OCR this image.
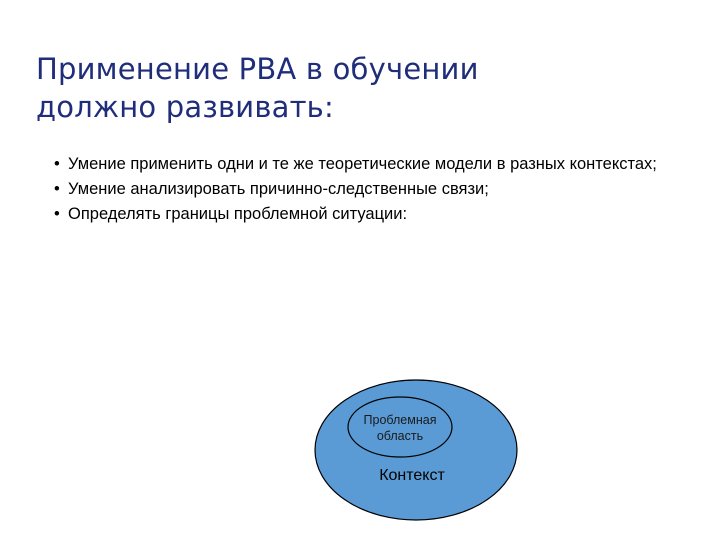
Применение PBA в обучении
должно развивать:
• Умение применить одни и те же теоретические модели в разных контекстах;
• Умение анализировать причинно-следственные связи;
• Определять границы проблемной ситуации:
Проблемная
область
Контекст
